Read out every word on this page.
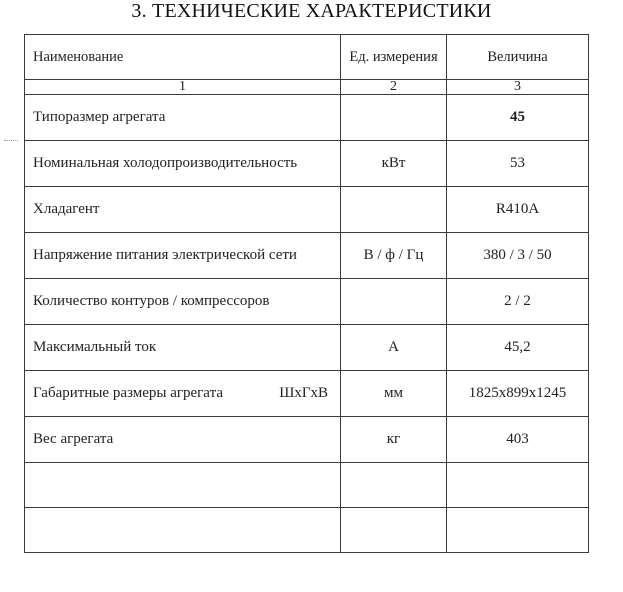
3. ТЕХНИЧЕСКИЕ ХАРАКТЕРИСТИКИ
Наименование	Ед. измерения	Величина
1	2	3
Типоразмер агрегата		45
Номинальная холодопроизводительность	кВт	53
Хладагент		R410A
Напряжение питания электрической сети	В / ф / Гц	380 / 3 / 50
Количество контуров / компрессоров		2 / 2
Максимальный ток	А	45,2

Габаритные размеры агрегата ШхГхВ	мм	1825x899x1245
Вес агрегата	кг	403
